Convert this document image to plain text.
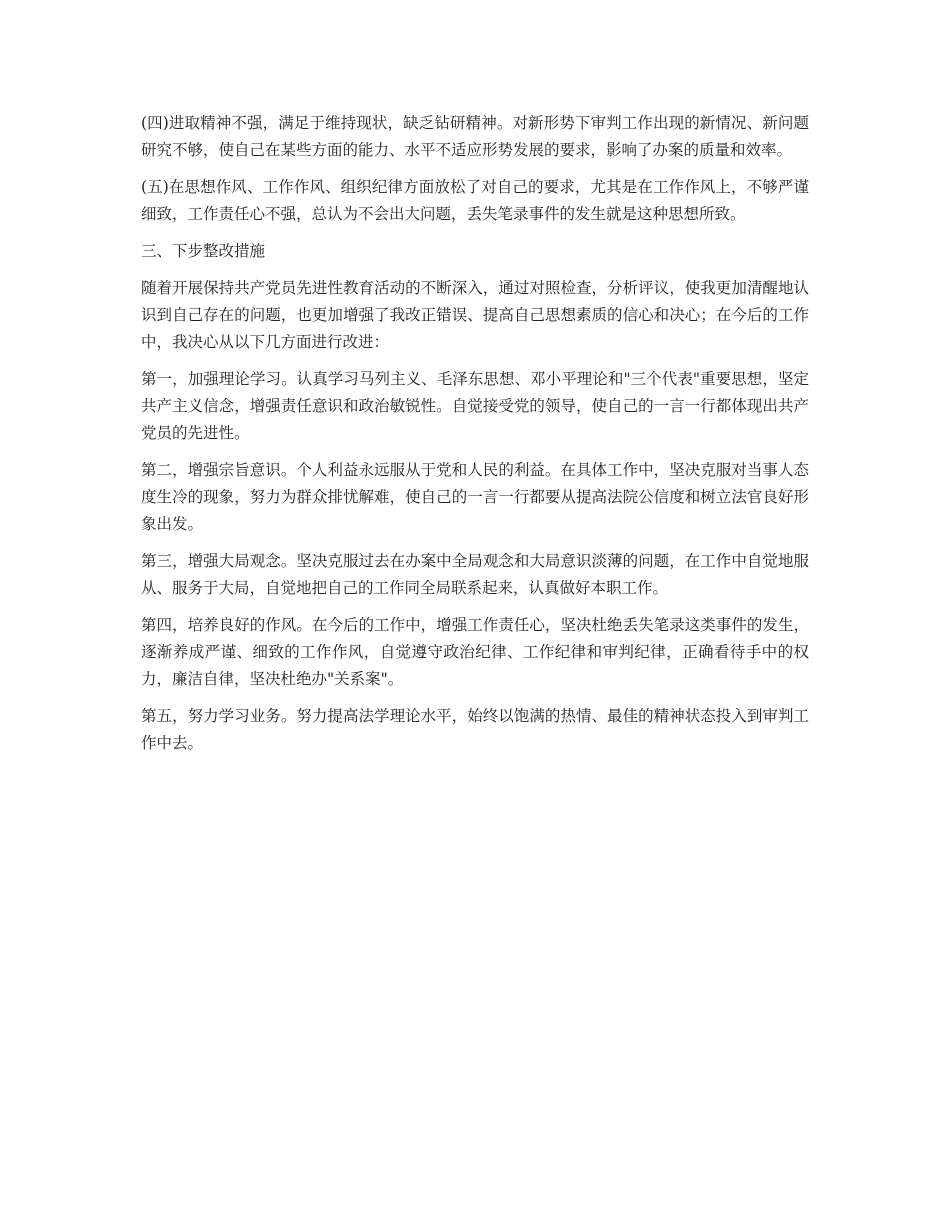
(四)进取精神不强，满足于维持现状，缺乏钻研精神。对新形势下审判工作出现的新情况、新问题研究不够，使自己在某些方面的能力、水平不适应形势发展的要求，影响了办案的质量和效率。

(五)在思想作风、工作作风、组织纪律方面放松了对自己的要求，尤其是在工作作风上，不够严谨细致，工作责任心不强，总认为不会出大问题，丢失笔录事件的发生就是这种思想所致。

三、下步整改措施

随着开展保持共产党员先进性教育活动的不断深入，通过对照检查，分析评议，使我更加清醒地认识到自己存在的问题，也更加增强了我改正错误、提高自己思想素质的信心和决心；在今后的工作中，我决心从以下几方面进行改进：

第一，加强理论学习。认真学习马列主义、毛泽东思想、邓小平理论和"三个代表"重要思想，坚定共产主义信念，增强责任意识和政治敏锐性。自觉接受党的领导，使自己的一言一行都体现出共产党员的先进性。

第二，增强宗旨意识。个人利益永远服从于党和人民的利益。在具体工作中，坚决克服对当事人态度生冷的现象，努力为群众排忧解难，使自己的一言一行都要从提高法院公信度和树立法官良好形象出发。

第三，增强大局观念。坚决克服过去在办案中全局观念和大局意识淡薄的问题，在工作中自觉地服从、服务于大局，自觉地把自己的工作同全局联系起来，认真做好本职工作。

第四，培养良好的作风。在今后的工作中，增强工作责任心，坚决杜绝丢失笔录这类事件的发生，逐渐养成严谨、细致的工作作风，自觉遵守政治纪律、工作纪律和审判纪律，正确看待手中的权力，廉洁自律，坚决杜绝办"关系案"。

第五，努力学习业务。努力提高法学理论水平，始终以饱满的热情、最佳的精神状态投入到审判工作中去。
